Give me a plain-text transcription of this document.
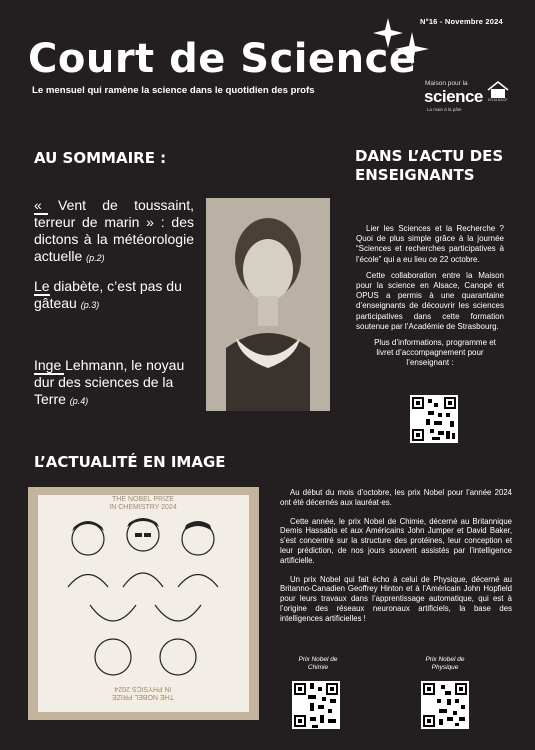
N°16 - Novembre 2024
Court de Science
Le mensuel qui ramène la science dans le quotidien des profs
Maison pour la
science
La main à la pâte
EN ALSACE
AU SOMMAIRE :
« Vent de toussaint, terreur de marin » : des dictons à la météorologie actuelle (p.2)
Le diabète, c’est pas du gâteau (p.3)
Inge Lehmann, le noyau dur des sciences de la Terre (p.4)
DANS L’ACTU DES ENSEIGNANTS

Lier les Sciences et la Recherche ? Quoi de plus simple grâce à la journée “Sciences et recherches participatives à l’école” qui a eu lieu ce 22 octobre.

Cette collaboration entre la Maison pour la science en Alsace, Canopé et OPUS a permis à une quarantaine d’enseignants de découvrir les sciences participatives dans cette formation soutenue par l’Académie de Strasbourg.

Plus d’informations, programme et livret d’accompagnement pour l’enseignant :

L’ACTUALITÉ EN IMAGE
THE NOBEL PRIZE IN CHEMISTRY 2024
THE NOBEL PRIZEIN PHYSICS 2024

Au début du mois d’octobre, les prix Nobel pour l’année 2024 ont été décernés aux lauréat·es.

Cette année, le prix Nobel de Chimie, décerné au Britannique Demis Hassabis et aux Américains John Jumper et David Baker, s’est concentré sur la structure des protéines, leur conception et leur prédiction, de nos jours souvent assistés par l’intelligence artificielle.

Un prix Nobel qui fait écho à celui de Physique, décerné au Britanno-Canadien Geoffrey Hinton et à l’Américain John Hopfield pour leurs travaux dans l’apprentissage automatique, qui est à l’origine des réseaux neuronaux artificiels, la base des intelligences artificielles !

Prix Nobel de Chimie
Prix Nobel de Physique
